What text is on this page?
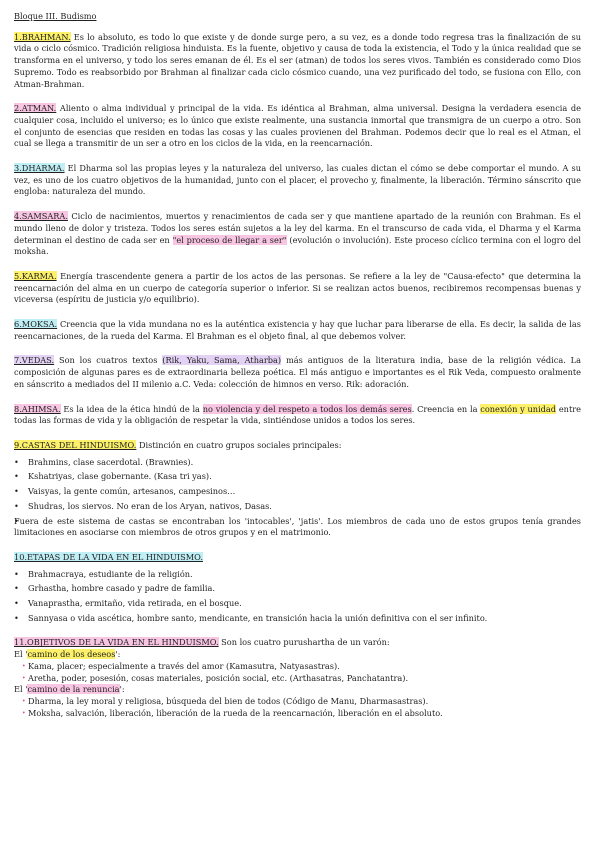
Bloque III. Budismo

1.BRAHMAN. Es lo absoluto, es todo lo que existe y de donde surge pero, a su vez, es a donde todo regresa tras la finalización de su vida o ciclo cósmico. Tradición religiosa hinduista. Es la fuente, objetivo y causa de toda la existencia, el Todo y la única realidad que se transforma en el universo, y todo los seres emanan de él. Es el ser (atman) de todos los seres vivos. También es considerado como Dios Supremo. Todo es reabsorbido por Brahman al finalizar cada ciclo cósmico cuando, una vez purificado del todo, se fusiona con Ello, con Atman-Brahman.

2.ATMAN. Aliento o alma individual y principal de la vida. Es idéntica al Brahman, alma universal. Designa la verdadera esencia de cualquier cosa, incluido el universo; es lo único que existe realmente, una sustancia inmortal que transmigra de un cuerpo a otro. Son el conjunto de esencias que residen en todas las cosas y las cuales provienen del Brahman. Podemos decir que lo real es el Atman, el cual se llega a transmitir de un ser a otro en los ciclos de la vida, en la reencarnación.

3.DHARMA. El Dharma sol las propias leyes y la naturaleza del universo, las cuales dictan el cómo se debe comportar el mundo. A su vez, es uno de los cuatro objetivos de la humanidad, junto con el placer, el provecho y, finalmente, la liberación. Término sánscrito que engloba: naturaleza del mundo.

4.SAMSARA. Ciclo de nacimientos, muertos y renacimientos de cada ser y que mantiene apartado de la reunión con Brahman. Es el mundo lleno de dolor y tristeza. Todos los seres están sujetos a la ley del karma. En el transcurso de cada vida, el Dharma y el Karma determinan el destino de cada ser en "el proceso de llegar a ser" (evolución o involución). Este proceso cíclico termina con el logro del moksha.

5.KARMA. Energía trascendente genera a partir de los actos de las personas. Se refiere a la ley de "Causa-efecto" que determina la reencarnación del alma en un cuerpo de categoría superior o inferior. Si se realizan actos buenos, recibiremos recompensas buenas y viceversa (espíritu de justicia y/o equilibrio).

6.MOKSA. Creencia que la vida mundana no es la auténtica existencia y hay que luchar para liberarse de ella. Es decir, la salida de las reencarnaciones, de la rueda del Karma. El Brahman es el objeto final, al que debemos volver.

7.VEDAS. Son los cuatros textos (Rik, Yaku, Sama, Atharba) más antiguos de la literatura india, base de la religión védica. La composición de algunas pares es de extraordinaria belleza poética. El más antiguo e importantes es el Rik Veda, compuesto oralmente en sánscrito a mediados del II milenio a.C. Veda: colección de himnos en verso. Rik: adoración.

8.AHIMSA. Es la idea de la ética hindú de la no violencia y del respeto a todos los demás seres. Creencia en la conexión y unidad entre todas las formas de vida y la obligación de respetar la vida, sintiéndose unidos a todos los seres.

9.CASTAS DEL HINDUISMO. Distinción en cuatro grupos sociales principales:

• Brahmins, clase sacerdotal. (Brawnies).
• Kshatriyas, clase gobernante. (Kasa tri yas).
• Vaisyas, la gente común, artesanos, campesinos…
• Shudras, los siervos. No eran de los Aryan, nativos, Dasas.

Fuera de este sistema de castas se encontraban los 'intocables', 'jatis'. Los miembros de cada uno de estos grupos tenía grandes limitaciones en asociarse con miembros de otros grupos y en el matrimonio.

10.ETAPAS DE LA VIDA EN EL HINDUISMO.

• Brahmacraya, estudiante de la religión.
• Grhastha, hombre casado y padre de familia.
• Vanaprastha, ermitaño, vida retirada, en el bosque.
• Sannyasa o vida ascética, hombre santo, mendicante, en transición hacia la unión definitiva con el ser infinito.

11.OBJETIVOS DE LA VIDA EN EL HINDUISMO. Son los cuatro purushartha de un varón:

El 'camino de los deseos':

• Kama, placer; especialmente a través del amor (Kamasutra, Natyasastras).
• Aretha, poder, posesión, cosas materiales, posición social, etc. (Arthasatras, Panchatantra).

El 'camino de la renuncia':

• Dharma, la ley moral y religiosa, búsqueda del bien de todos (Código de Manu, Dharmasastras).
• Moksha, salvación, liberación, liberación de la rueda de la reencarnación, liberación en el absoluto.
